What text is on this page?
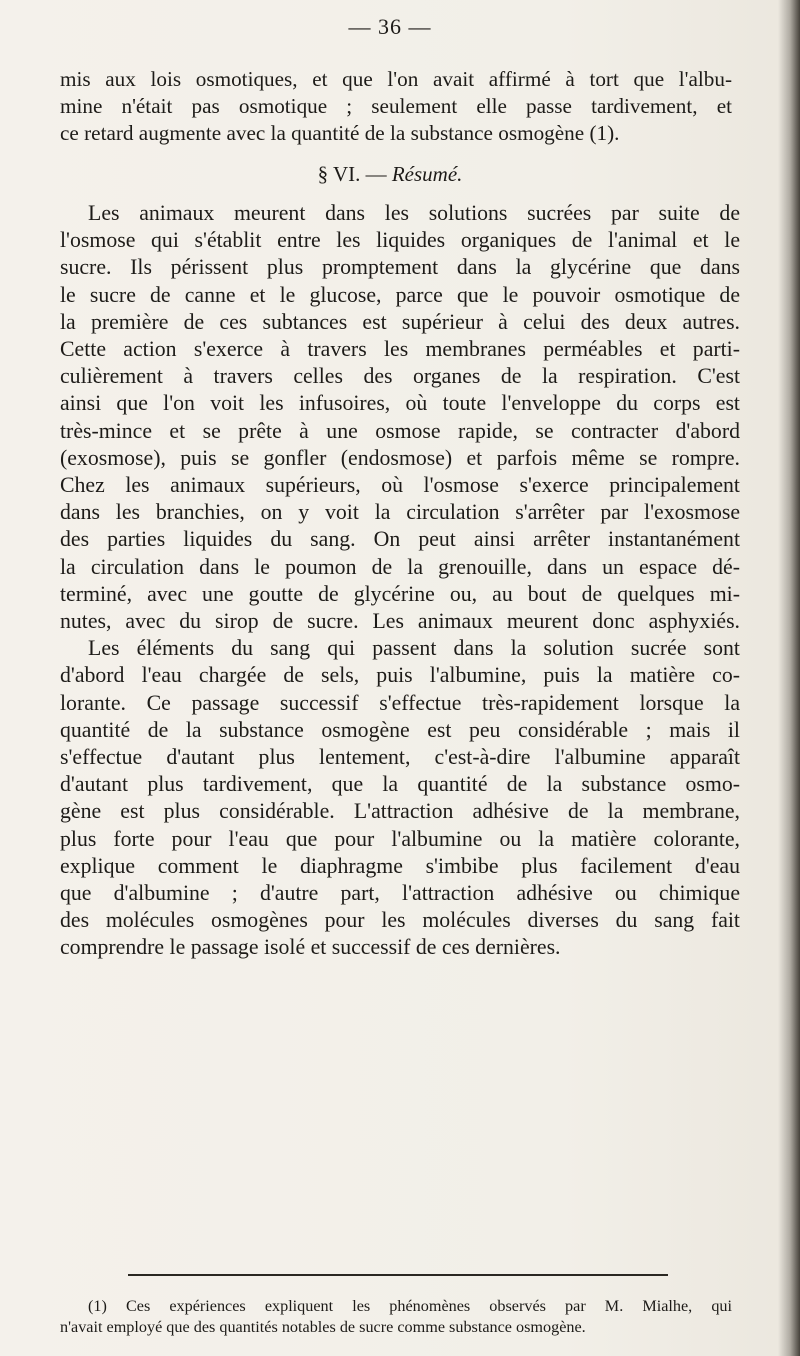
— 36 —
mis aux lois osmotiques, et que l'on avait affirmé à tort que l'albu-
mine n'était pas osmotique ; seulement elle passe tardivement, et
ce retard augmente avec la quantité de la substance osmogène (1).
§ VI. — Résumé.
Les animaux meurent dans les solutions sucrées par suite de
l'osmose qui s'établit entre les liquides organiques de l'animal et le
sucre. Ils périssent plus promptement dans la glycérine que dans
le sucre de canne et le glucose, parce que le pouvoir osmotique de
la première de ces subtances est supérieur à celui des deux autres.
Cette action s'exerce à travers les membranes perméables et parti-
culièrement à travers celles des organes de la respiration. C'est
ainsi que l'on voit les infusoires, où toute l'enveloppe du corps est
très-mince et se prête à une osmose rapide, se contracter d'abord
(exosmose), puis se gonfler (endosmose) et parfois même se rompre.
Chez les animaux supérieurs, où l'osmose s'exerce principalement
dans les branchies, on y voit la circulation s'arrêter par l'exosmose
des parties liquides du sang. On peut ainsi arrêter instantanément
la circulation dans le poumon de la grenouille, dans un espace dé-
terminé, avec une goutte de glycérine ou, au bout de quelques mi-
nutes, avec du sirop de sucre. Les animaux meurent donc asphyxiés.
Les éléments du sang qui passent dans la solution sucrée sont
d'abord l'eau chargée de sels, puis l'albumine, puis la matière co-
lorante. Ce passage successif s'effectue très-rapidement lorsque la
quantité de la substance osmogène est peu considérable ; mais il
s'effectue d'autant plus lentement, c'est-à-dire l'albumine apparaît
d'autant plus tardivement, que la quantité de la substance osmo-
gène est plus considérable. L'attraction adhésive de la membrane,
plus forte pour l'eau que pour l'albumine ou la matière colorante,
explique comment le diaphragme s'imbibe plus facilement d'eau
que d'albumine ; d'autre part, l'attraction adhésive ou chimique
des molécules osmogènes pour les molécules diverses du sang fait
comprendre le passage isolé et successif de ces dernières.
(1) Ces expériences expliquent les phénomènes observés par M. Mialhe, qui
n'avait employé que des quantités notables de sucre comme substance osmogène.
